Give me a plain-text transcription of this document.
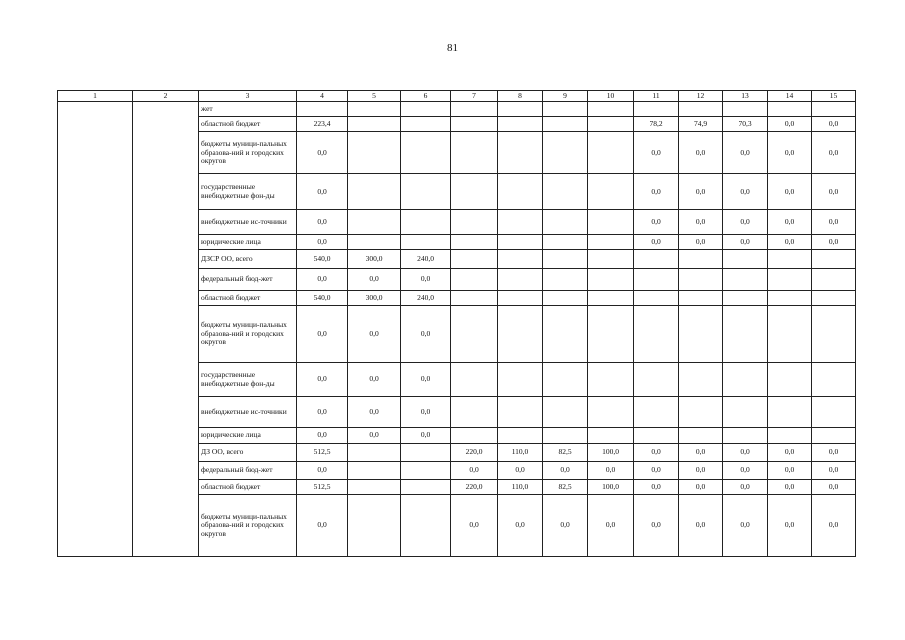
81
1	2	3	4	5	6	7	8	9	10	11	12	13	14	15
		жет												
		областной бюджет	223,4							78,2	74,9	70,3	0,0	0,0
		бюджеты муници-пальных образова-ний и городских округов	0,0							0,0	0,0	0,0	0,0	0,0
		государственные внебюджетные фон-ды	0,0							0,0	0,0	0,0	0,0	0,0
		внебюджетные ис-точники	0,0							0,0	0,0	0,0	0,0	0,0
		юридические лица	0,0							0,0	0,0	0,0	0,0	0,0
		ДЗСР ОО, всего	540,0	300,0	240,0									
		федеральный бюд-жет	0,0	0,0	0,0									
		областной бюджет	540,0	300,0	240,0									
		бюджеты муници-пальных образова-ний и городских округов	0,0	0,0	0,0									
		государственные внебюджетные фон-ды	0,0	0,0	0,0									
		внебюджетные ис-точники	0,0	0,0	0,0									
		юридические лица	0,0	0,0	0,0									
		ДЗ ОО, всего	512,5			220,0	110,0	82,5	100,0	0,0	0,0	0,0	0,0	0,0
		федеральный бюд-жет	0,0			0,0	0,0	0,0	0,0	0,0	0,0	0,0	0,0	0,0
		областной бюджет	512,5			220,0	110,0	82,5	100,0	0,0	0,0	0,0	0,0	0,0
		бюджеты муници-пальных образова-ний и городских округов	0,0			0,0	0,0	0,0	0,0	0,0	0,0	0,0	0,0	0,0
